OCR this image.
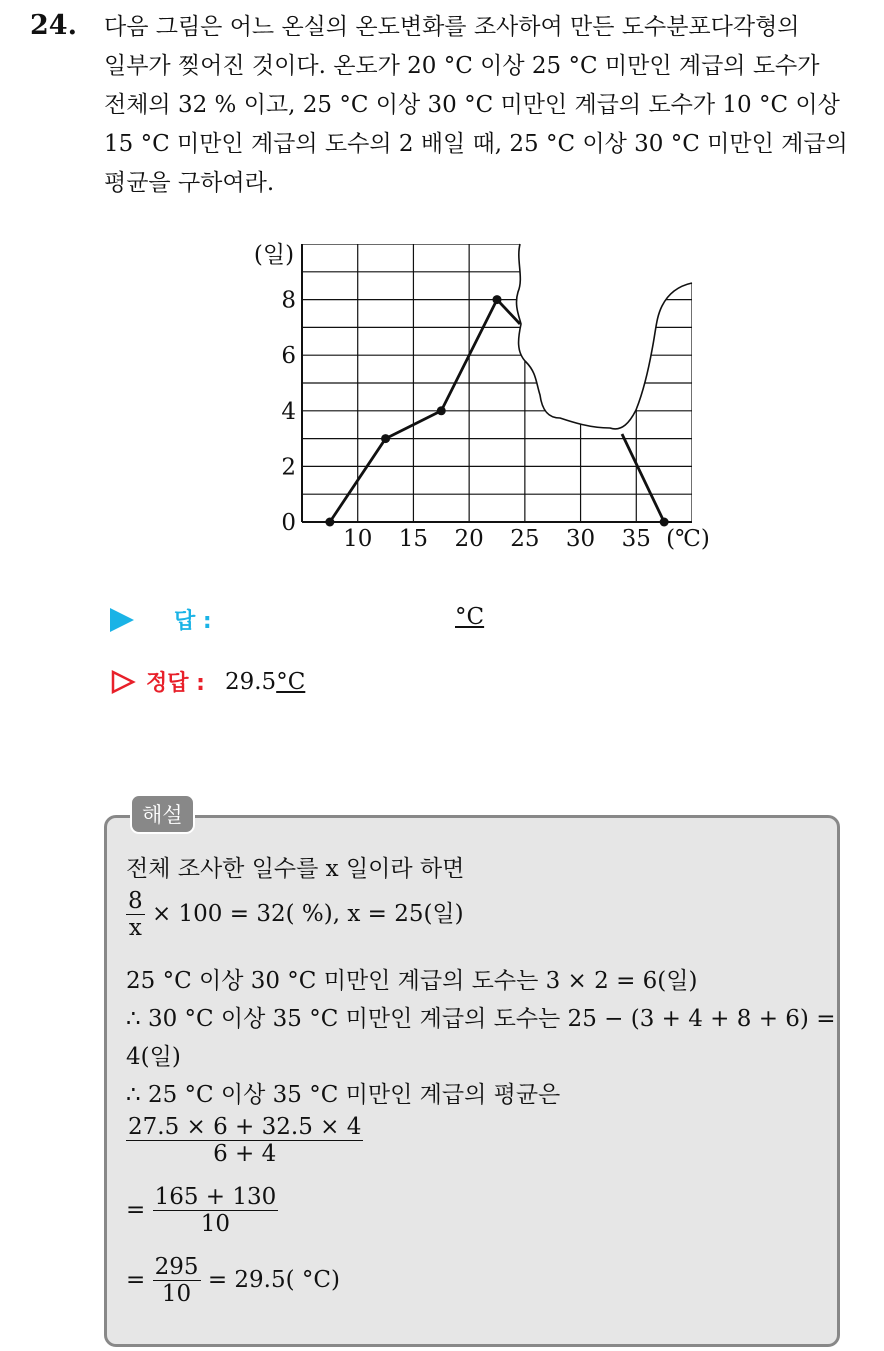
24. 다음 그림은 어느 온실의 온도변화를 조사하여 만든 도수분포다각형의
일부가 찢어진 것이다. 온도가 20 °C 이상 25 °C 미만인 계급의 도수가
전체의 32 % 이고, 25 °C 이상 30 °C 미만인 계급의 도수가 10 °C 이상
15 °C 미만인 계급의 도수의 2 배일 때, 25 °C 이상 30 °C 미만인 계급의
평균을 구하여라.
0
2
4
6
8
10 15 20 25 30 35
(일)
(℃)
답 :	°C
정답 : 29.5 °C
해설
전체 조사한 일수를 x 일이라 하면
$\frac{8}{x} \times 100 = 32$( %), x = 25(일)
25 °C 이상 30 °C 미만인 계급의 도수는 3 × 2 = 6(일)
∴ 30 °C 이상 35 °C 미만인 계급의 도수는 25 − (3 + 4 + 8 + 6) =
4(일)
∴ 25 °C 이상 35 °C 미만인 계급의 평균은
$\frac{27.5 \times 6 + 32.5 \times 4}{6 + 4}$
= $\frac{165 + 130}{10}$
= $\frac{295}{10} = 29.5$( °C)
